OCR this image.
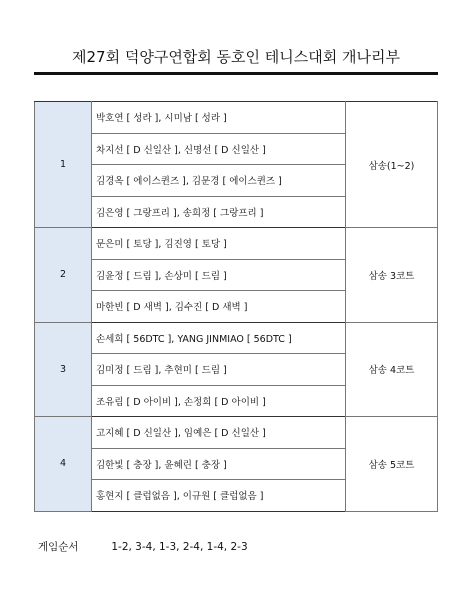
제27회 덕양구연합회 동호인 테니스대회 개나리부
1	박호연 [ 성라 ], 시미남 [ 성라 ]	삼송(1~2)
	차지선 [ D 신일산 ], 신명선 [ D 신일산 ]	
	김경옥 [ 에이스퀸즈 ], 김문경 [ 에이스퀸즈 ]	
	김은영 [ 그랑프리 ], 송희정 [ 그랑프리 ]	
2	문은미 [ 토당 ], 김진영 [ 토당 ]	삼송 3코트
	김윤정 [ 드림 ], 손상미 [ 드림 ]	
	마한빈 [ D 새벽 ], 김수진 [ D 새벽 ]	
3	손세희 [ 56DTC ], YANG JINMIAO [ 56DTC ]	삼송 4코트
	김미정 [ 드림 ], 추현미 [ 드림 ]	
	조유림 [ D 아이비 ], 손정희 [ D 아이비 ]	
4	고지혜 [ D 신일산 ], 임예은 [ D 신일산 ]	삼송 5코트
	김한빛 [ 충장 ], 윤혜린 [ 충장 ]	
	홍현지 [ 클럽없음 ], 이규원 [ 클럽없음 ]	
게임순서	1-2, 3-4, 1-3, 2-4, 1-4, 2-3
